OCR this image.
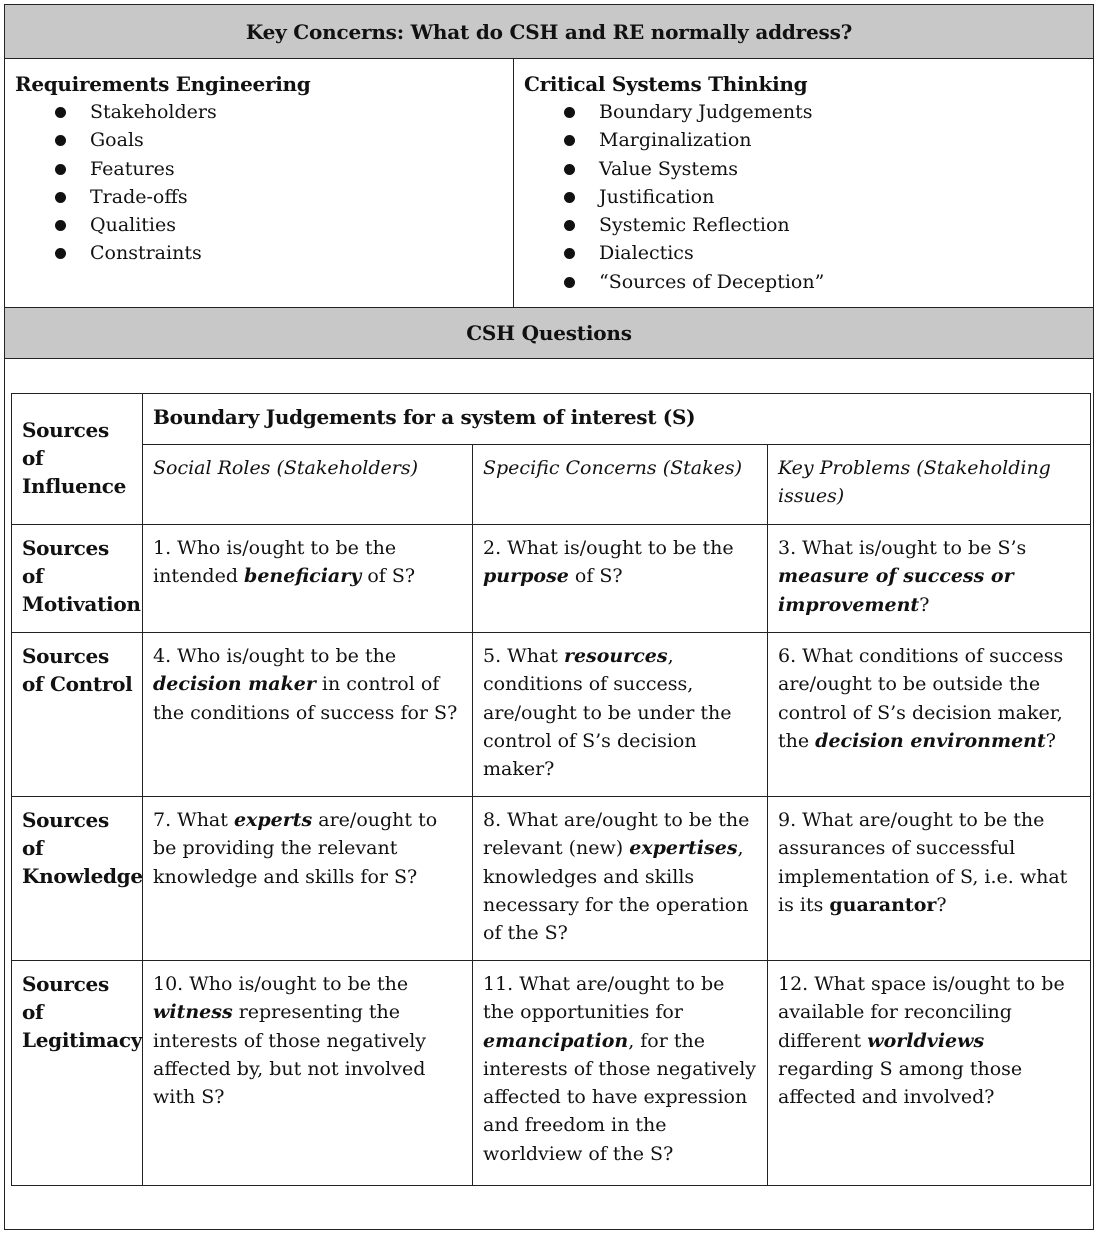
Key Concerns: What do CSH and RE normally address?
Requirements Engineering
Stakeholders
Goals
Features
Trade-offs
Qualities
Constraints
Critical Systems Thinking
Boundary Judgements
Marginalization
Value Systems
Justification
Systemic Reflection
Dialectics
“Sources of Deception”
CSH Questions
Sources of Influence	Boundary Judgements for a system of interest (S)		
	Social Roles (Stakeholders)	Specific Concerns (Stakes)	Key Problems (Stakeholding issues)

Sources of Motivation	1. Who is/ought to be the intended beneficiary of S?	2. What is/ought to be the purpose of S?	3. What is/ought to be S’s measure of success or improvement?

Sources of Control	4. Who is/ought to be the decision maker in control of the conditions of success for S?	5. What resources, conditions of success, are/ought to be under the control of S’s decision maker?	6. What conditions of success are/ought to be outside the control of S’s decision maker, the decision environment?

Sources of Knowledge	7. What experts are/ought to be providing the relevant knowledge and skills for S?	8. What are/ought to be the relevant (new) expertises, knowledges and skills necessary for the operation of the S?	9. What are/ought to be the assurances of successful implementation of S, i.e. what is its guarantor?

Sources of Legitimacy	10. Who is/ought to be the witness representing the interests of those negatively affected by, but not involved with S?	11. What are/ought to be the opportunities for emancipation, for the interests of those negatively affected to have expression and freedom in the worldview of the S?	12. What space is/ought to be available for reconciling different worldviews regarding S among those affected and involved?
